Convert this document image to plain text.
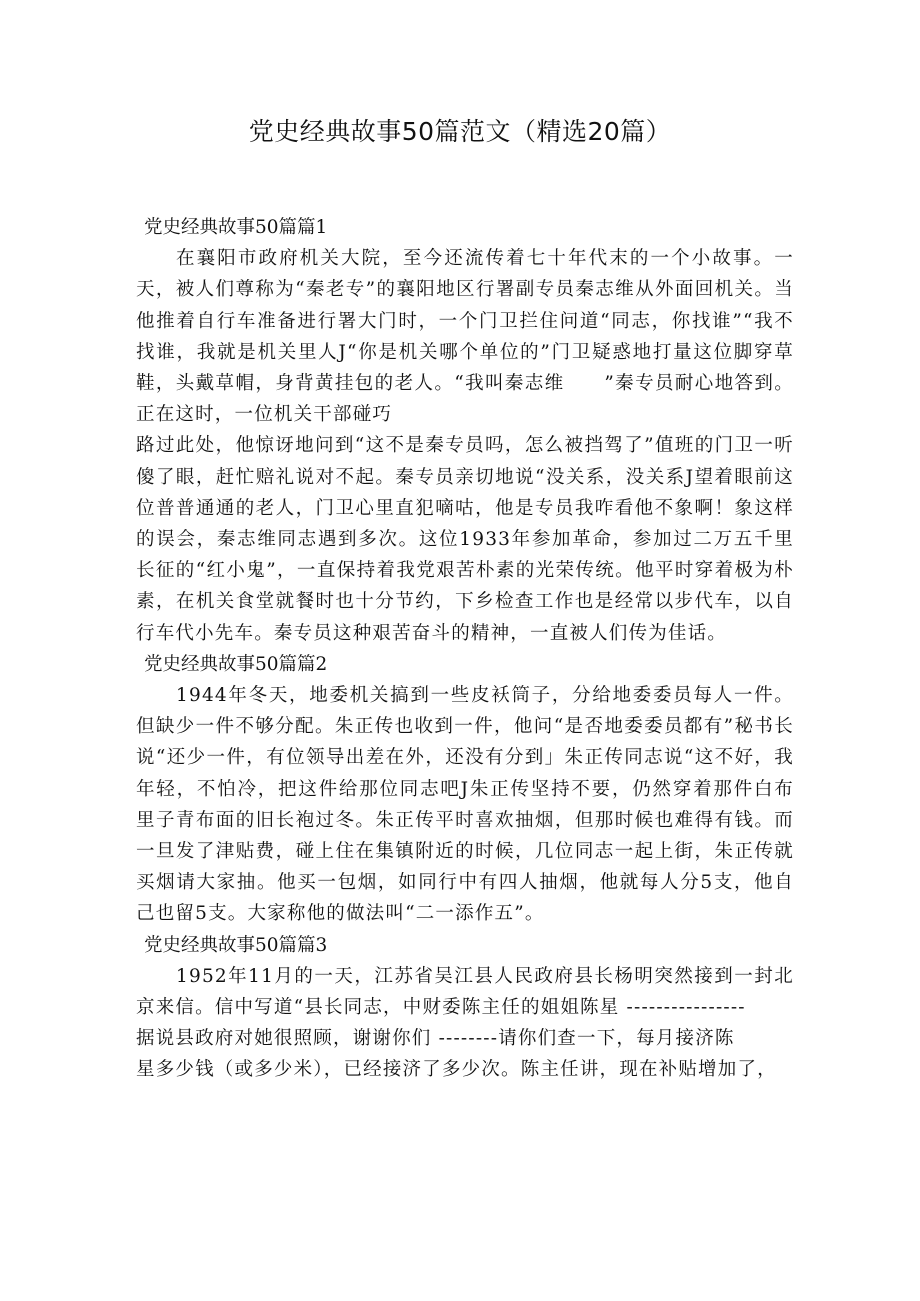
党史经典故事50篇范文（精选20篇）
党史经典故事50篇篇1

在襄阳市政府机关大院，至今还流传着七十年代末的一个小故事。一天，被人们尊称为“秦老专”的襄阳地区行署副专员秦志维从外面回机关。当他推着自行车准备进行署大门时，一个门卫拦住问道“同志，你找谁”“我不找谁，我就是机关里人J“你是机关哪个单位的”门卫疑惑地打量这位脚穿草鞋，头戴草帽，身背黄挂包的老人。“我叫秦志维　　”秦专员耐心地答到。正在这时，一位机关干部碰巧

路过此处，他惊讶地问到“这不是秦专员吗，怎么被挡驾了”值班的门卫一听傻了眼，赶忙赔礼说对不起。秦专员亲切地说“没关系，没关系J望着眼前这位普普通通的老人，门卫心里直犯嘀咕，他是专员我咋看他不象啊！象这样的误会，秦志维同志遇到多次。这位1933年参加革命，参加过二万五千里长征的“红小鬼”，一直保持着我党艰苦朴素的光荣传统。他平时穿着极为朴素，在机关食堂就餐时也十分节约，下乡检查工作也是经常以步代车，以自行车代小先车。秦专员这种艰苦奋斗的精神，一直被人们传为佳话。

党史经典故事50篇篇2

1944年冬天，地委机关搞到一些皮袄筒子，分给地委委员每人一件。但缺少一件不够分配。朱正传也收到一件，他问“是否地委委员都有”秘书长说“还少一件，有位领导出差在外，还没有分到」朱正传同志说“这不好，我年轻，不怕冷，把这件给那位同志吧J朱正传坚持不要，仍然穿着那件白布里子青布面的旧长袍过冬。朱正传平时喜欢抽烟，但那时候也难得有钱。而一旦发了津贴费，碰上住在集镇附近的时候，几位同志一起上街，朱正传就买烟请大家抽。他买一包烟，如同行中有四人抽烟，他就每人分5支，他自己也留5支。大家称他的做法叫“二一添作五”。

党史经典故事50篇篇3

1952年11月的一天，江苏省吴江县人民政府县长杨明突然接到一封北京来信。信中写道“县长同志，中财委陈主任的姐姐陈星 ----------------

据说县政府对她很照顾，谢谢你们 --------请你们查一下，每月接济陈

星多少钱（或多少米），已经接济了多少次。陈主任讲，现在补贴增加了，
